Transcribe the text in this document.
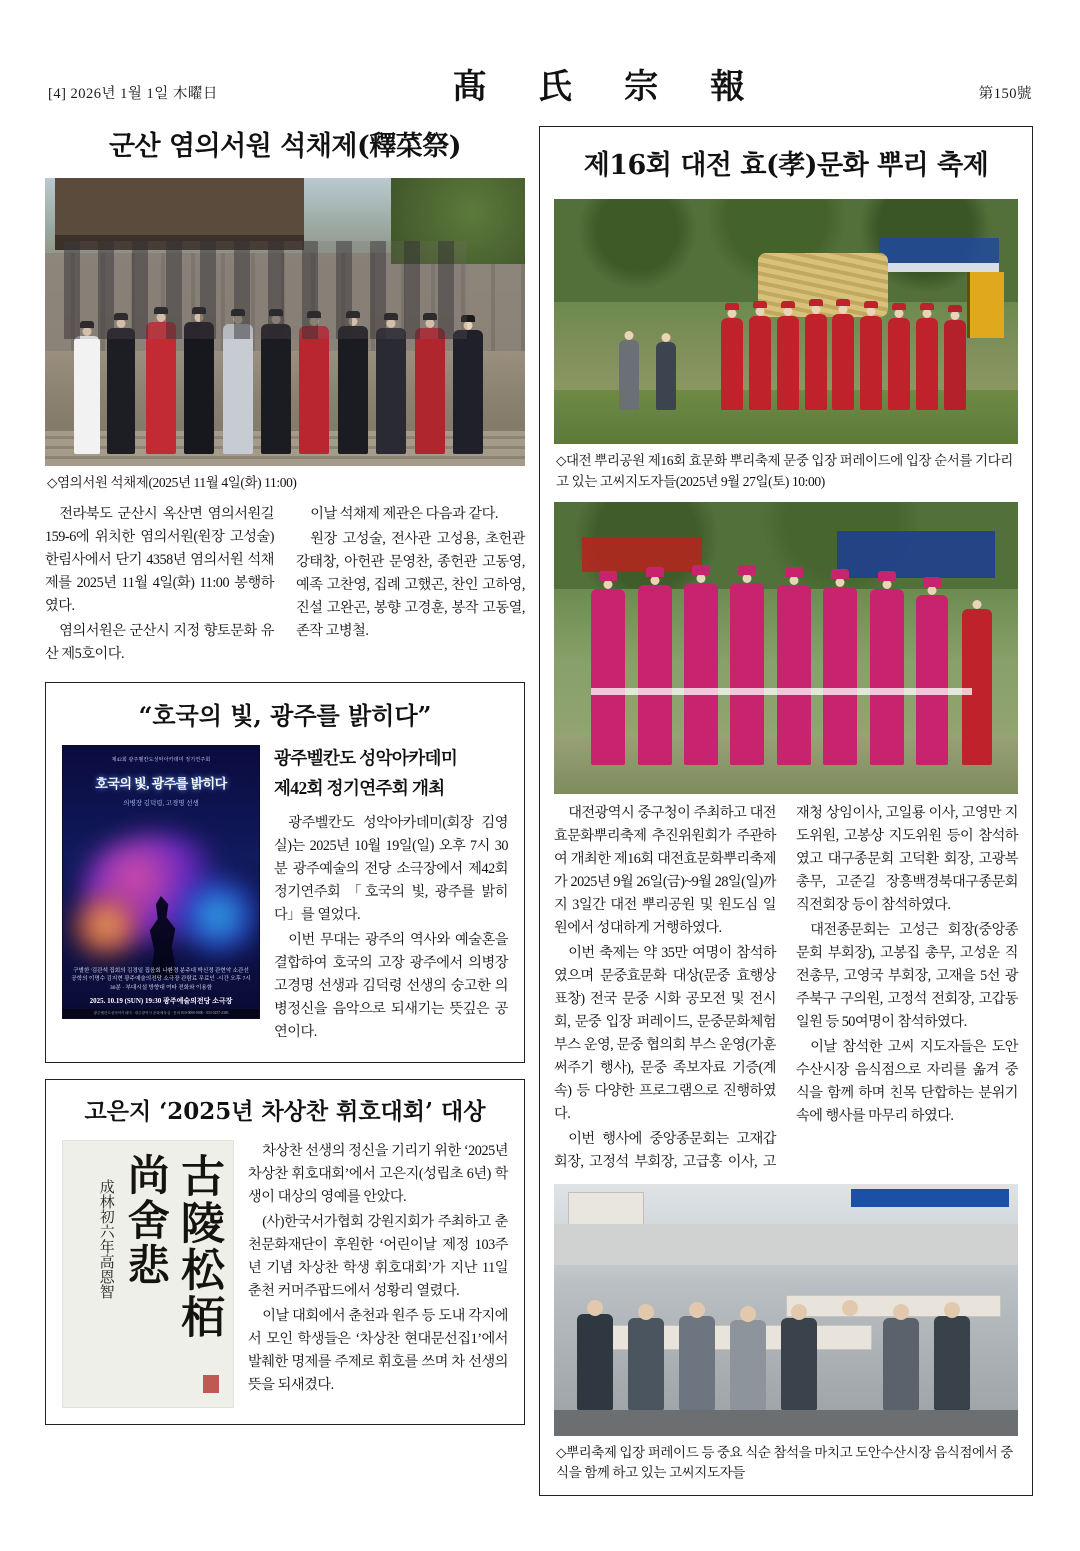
[4] 2026년 1월 1일 木曜日	髙 氏 宗 報	第150號
군산 염의서원 석채제(釋菜祭)
◇염의서원 석채제(2025년 11월 4일(화) 11:00)

전라북도 군산시 옥산면 염의서원길 159-6에 위치한 염의서원(원장 고성술) 한림사에서 단기 4358년 염의서원 석채제를 2025년 11월 4일(화) 11:00 봉행하였다.

염의서원은 군산시 지정 향토문화 유산 제5호이다.

이날 석채제 제관은 다음과 같다.

원장 고성술, 전사관 고성용, 초헌관 강태창, 아헌관 문영찬, 종헌관 고동영, 예족 고찬영, 집례 고했곤, 찬인 고하영, 진설 고완곤, 봉향 고경훈, 봉작 고동열, 존작 고병철.

“호국의 빛, 광주를 밝히다”
제42회 광주벨칸도성악아카데미 정기연주회
호국의 빛, 광주를 밝히다
의병장 김덕령, 고경명 선생
구별한 '김관석 집회의 김경일 집음회 나환경 분주대 박신정 관현악 소관선 공학의 이명수 김지현 광주예술의전당 소극장 관람료 무료인 ·시간 오후 7시 30분 · 부대시설 방향대 여타 전화와 이용함
2025. 10.19 (SUN) 19:30 광주예술의전당 소극장
광주벨칸도성악아카데미 · 광주광역시 문화체육실 · 문의 010-0000-0000 · 053-5257-2385
광주벨칸도 성악아카데미
제42회 정기연주회 개최

광주벨칸도 성악아카데미(회장 김영실)는 2025년 10월 19일(일) 오후 7시 30분 광주예술의 전당 소극장에서 제42회 정기연주회 「호국의 빛, 광주를 밝히다」를 열었다.

이번 무대는 광주의 역사와 예술혼을 결합하여 호국의 고장 광주에서 의병장 고경명 선생과 김덕령 선생의 숭고한 의병정신을 음악으로 되새기는 뜻깊은 공연이다.

고은지 ‘2025년 차상찬 휘호대회’ 대상
古陵松栢
尚舍悲
成林初六年高恩智

차상찬 선생의 정신을 기리기 위한 ‘2025년 차상찬 휘호대회’에서 고은지(성립초 6년) 학생이 대상의 영예를 안았다.

(사)한국서가협회 강원지회가 주최하고 춘천문화재단이 후원한 ‘어린이날 제정 103주년 기념 차상찬 학생 휘호대회’가 지난 11일 춘천 커머주팝드에서 성황리 열렸다.

이날 대회에서 춘천과 원주 등 도내 각지에서 모인 학생들은 ‘차상찬 현대문선집1’에서 발췌한 명제를 주제로 휘호를 쓰며 차 선생의 뜻을 되새겼다.

제16회 대전 효(孝)문화 뿌리 축제
◇대전 뿌리공원 제16회 효문화 뿌리축제 문중 입장 퍼레이드에 입장 순서를 기다리고 있는 고씨지도자들(2025년 9월 27일(토) 10:00)

대전광역시 중구청이 주최하고 대전효문화뿌리축제 추진위원회가 주관하여 개최한 제16회 대전효문화뿌리축제가 2025년 9월 26일(금)~9월 28일(일)까지 3일간 대전 뿌리공원 및 원도심 일원에서 성대하게 거행하였다.

이번 축제는 약 35만 여명이 참석하였으며 문중효문화 대상(문중 효행상 표창) 전국 문중 시화 공모전 및 전시회, 문중 입장 퍼레이드, 문중문화체험부스 운영, 문중 협의회 부스 운영(가훈 써주기 행사), 문중 족보자료 기증(계속) 등 다양한 프로그램으로 진행하였다.

이번 행사에 중앙종문회는 고재갑 회장, 고정석 부회장, 고급홍 이사, 고재청 상임이사, 고일룡 이사, 고영만 지도위원, 고봉상 지도위원 등이 참석하였고 대구종문회 고덕환 회장, 고광복 총무, 고준길 장흥백경북대구종문회 직전회장 등이 참석하였다.

대전종문회는 고성근 회장(중앙종문회 부회장), 고봉집 총무, 고성운 직전총무, 고영국 부회장, 고재을 5선 광주북구 구의원, 고정석 전회장, 고갑동 일원 등 50여명이 참석하였다.

이날 참석한 고씨 지도자들은 도안수산시장 음식점으로 자리를 옮겨 중식을 함께 하며 친목 단합하는 분위기 속에 행사를 마무리 하였다.

◇뿌리축제 입장 퍼레이드 등 중요 식순 참석을 마치고 도안수산시장 음식점에서 중식을 함께 하고 있는 고씨지도자들
